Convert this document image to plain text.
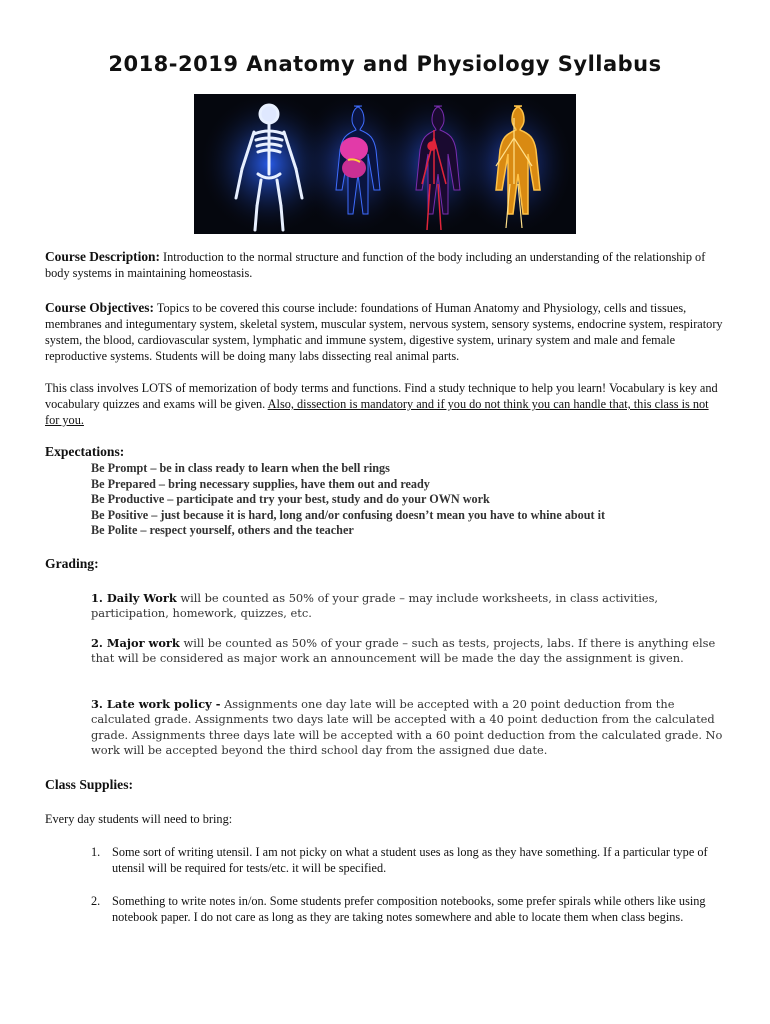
2018-2019 Anatomy and Physiology Syllabus
Course Description: Introduction to the normal structure and function of the body including an understanding of the relationship of body systems in maintaining homeostasis.
Course Objectives: Topics to be covered this course include: foundations of Human Anatomy and Physiology, cells and tissues, membranes and integumentary system, skeletal system, muscular system, nervous system, sensory systems, endocrine system, respiratory system, the blood, cardiovascular system, lymphatic and immune system, digestive system, urinary system and male and female reproductive systems. Students will be doing many labs dissecting real animal parts.
This class involves LOTS of memorization of body terms and functions. Find a study technique to help you learn! Vocabulary is key and vocabulary quizzes and exams will be given. Also, dissection is mandatory and if you do not think you can handle that, this class is not for you.
Expectations:
Be Prompt – be in class ready to learn when the bell rings
Be Prepared – bring necessary supplies, have them out and ready
Be Productive – participate and try your best, study and do your OWN work
Be Positive – just because it is hard, long and/or confusing doesn’t mean you have to whine about it
Be Polite – respect yourself, others and the teacher
Grading:
1. Daily Work will be counted as 50% of your grade – may include worksheets, in class activities, participation, homework, quizzes, etc.
2. Major work will be counted as 50% of your grade – such as tests, projects, labs. If there is anything else that will be considered as major work an announcement will be made the day the assignment is given.
3. Late work policy - Assignments one day late will be accepted with a 20 point deduction from the calculated grade. Assignments two days late will be accepted with a 40 point deduction from the calculated grade. Assignments three days late will be accepted with a 60 point deduction from the calculated grade. No work will be accepted beyond the third school day from the assigned due date.
Class Supplies:
Every day students will need to bring:
1. Some sort of writing utensil. I am not picky on what a student uses as long as they have something. If a particular type of utensil will be required for tests/etc. it will be specified.
2. Something to write notes in/on. Some students prefer composition notebooks, some prefer spirals while others like using notebook paper. I do not care as long as they are taking notes somewhere and able to locate them when class begins.
